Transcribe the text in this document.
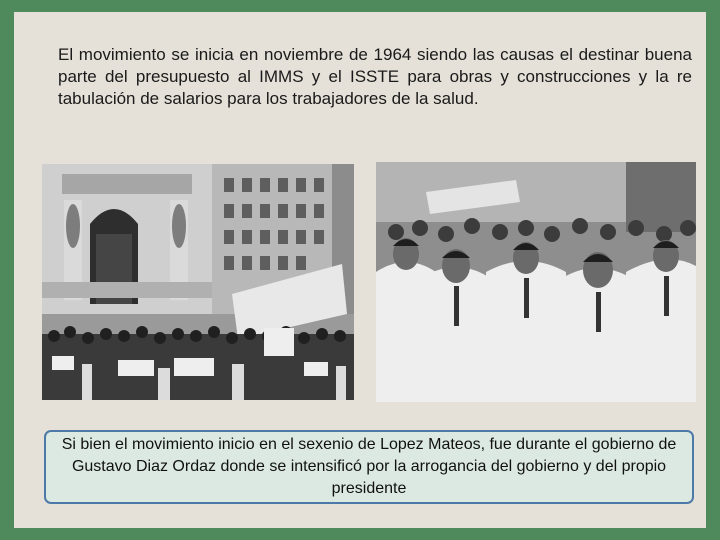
El movimiento se inicia en noviembre de 1964 siendo las causas el destinar buena parte del presupuesto al IMMS y el ISSTE para obras y construcciones y la re tabulación de salarios para los trabajadores de la salud.

Si bien el movimiento inicio en el sexenio de Lopez Mateos, fue durante el gobierno de Gustavo Diaz Ordaz donde se intensificó por la arrogancia del gobierno y del propio presidente
